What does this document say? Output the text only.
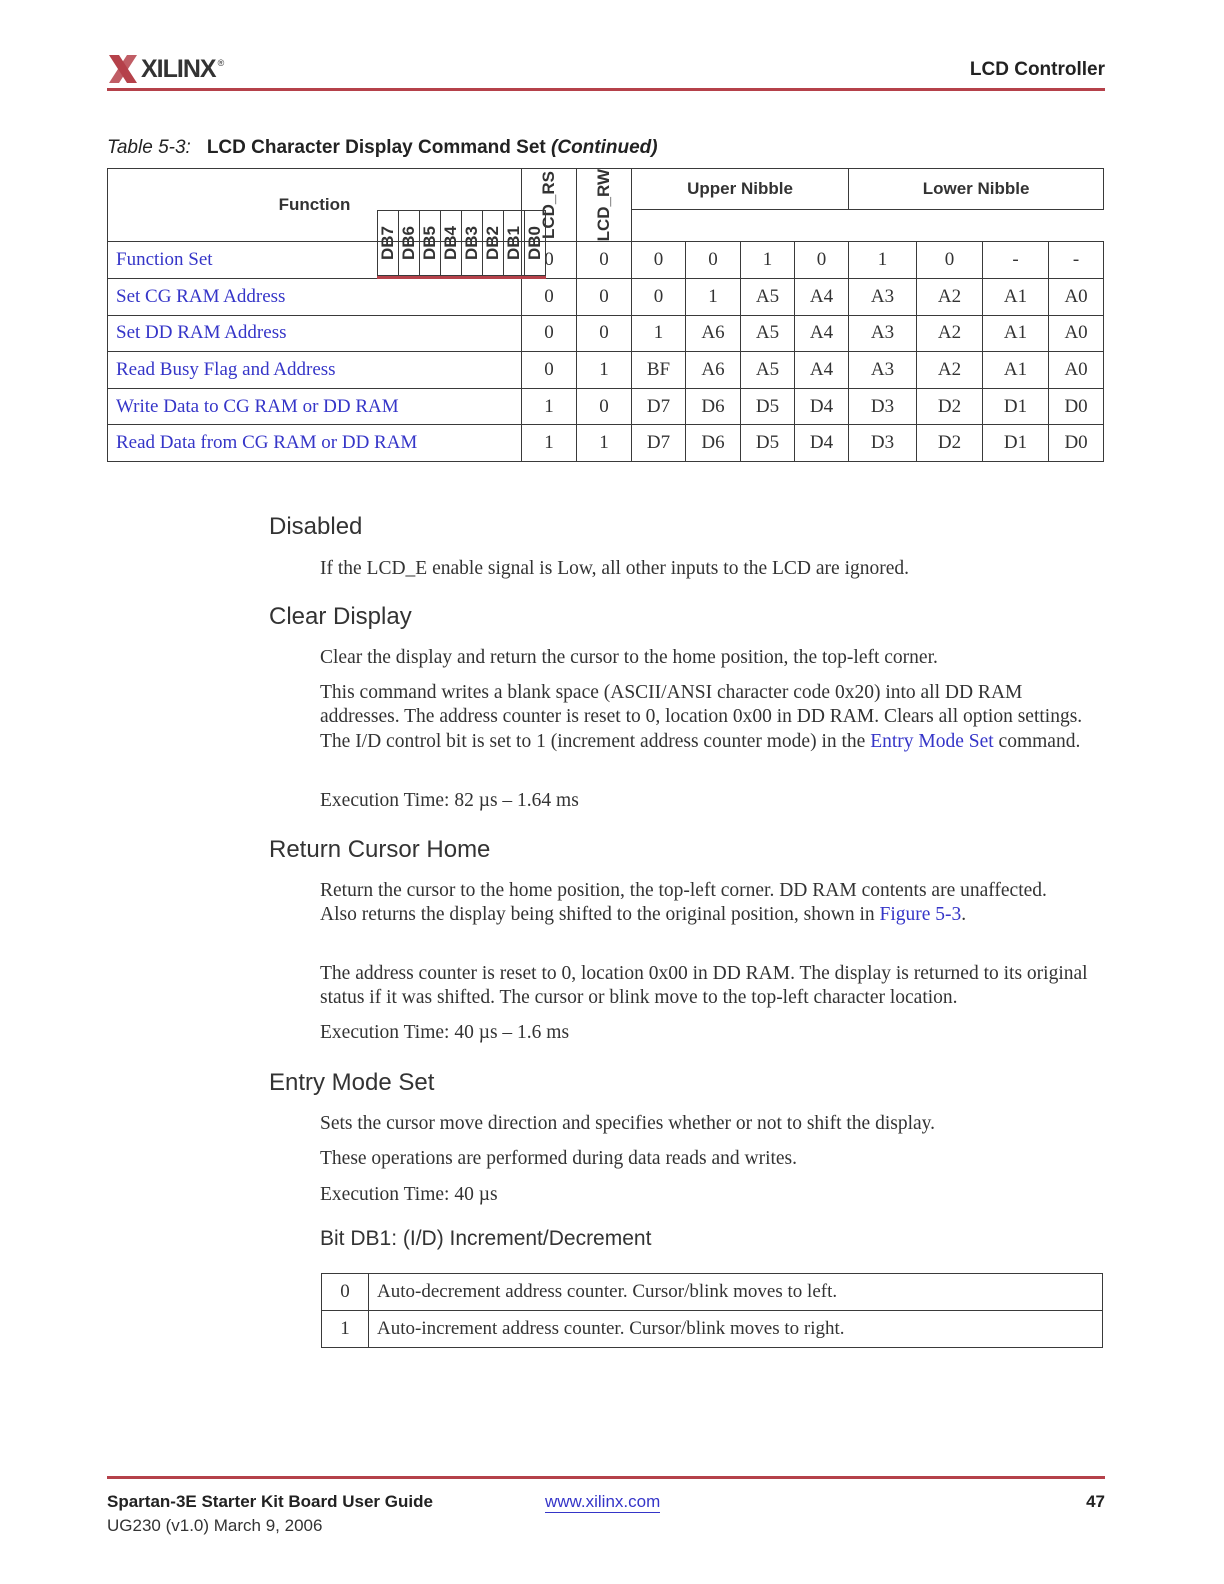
XILINX ®	LCD Controller
Table 5-3: LCD Character Display Command Set (Continued)
Function	LCD_RS	LCD_RW	Upper Nibble	Lower Nibble

DB7	DB6	DB5	DB4	DB3	DB2	DB1	DB0
Function Set	0	0	0	0	1	0	1	0	-	-
Set CG RAM Address	0	0	0	1	A5	A4	A3	A2	A1	A0
Set DD RAM Address	0	0	1	A6	A5	A4	A3	A2	A1	A0
Read Busy Flag and Address	0	1	BF	A6	A5	A4	A3	A2	A1	A0
Write Data to CG RAM or DD RAM	1	0	D7	D6	D5	D4	D3	D2	D1	D0
Read Data from CG RAM or DD RAM	1	1	D7	D6	D5	D4	D3	D2	D1	D0
Disabled
If the LCD_E enable signal is Low, all other inputs to the LCD are ignored.
Clear Display
Clear the display and return the cursor to the home position, the top-left corner.
This command writes a blank space (ASCII/ANSI character code 0x20) into all DD RAM addresses. The address counter is reset to 0, location 0x00 in DD RAM. Clears all option settings. The I/D control bit is set to 1 (increment address counter mode) in the Entry Mode Set command.
Execution Time: 82 µs – 1.64 ms
Return Cursor Home
Return the cursor to the home position, the top-left corner. DD RAM contents are unaffected. Also returns the display being shifted to the original position, shown in Figure 5-3.
The address counter is reset to 0, location 0x00 in DD RAM. The display is returned to its original status if it was shifted. The cursor or blink move to the top-left character location.
Execution Time: 40 µs – 1.6 ms
Entry Mode Set
Sets the cursor move direction and specifies whether or not to shift the display.
These operations are performed during data reads and writes.
Execution Time: 40 µs
Bit DB1: (I/D) Increment/Decrement
0	Auto-decrement address counter. Cursor/blink moves to left.
1	Auto-increment address counter. Cursor/blink moves to right.
Spartan-3E Starter Kit Board User Guide
UG230 (v1.0) March 9, 2006
www.xilinx.com	47
